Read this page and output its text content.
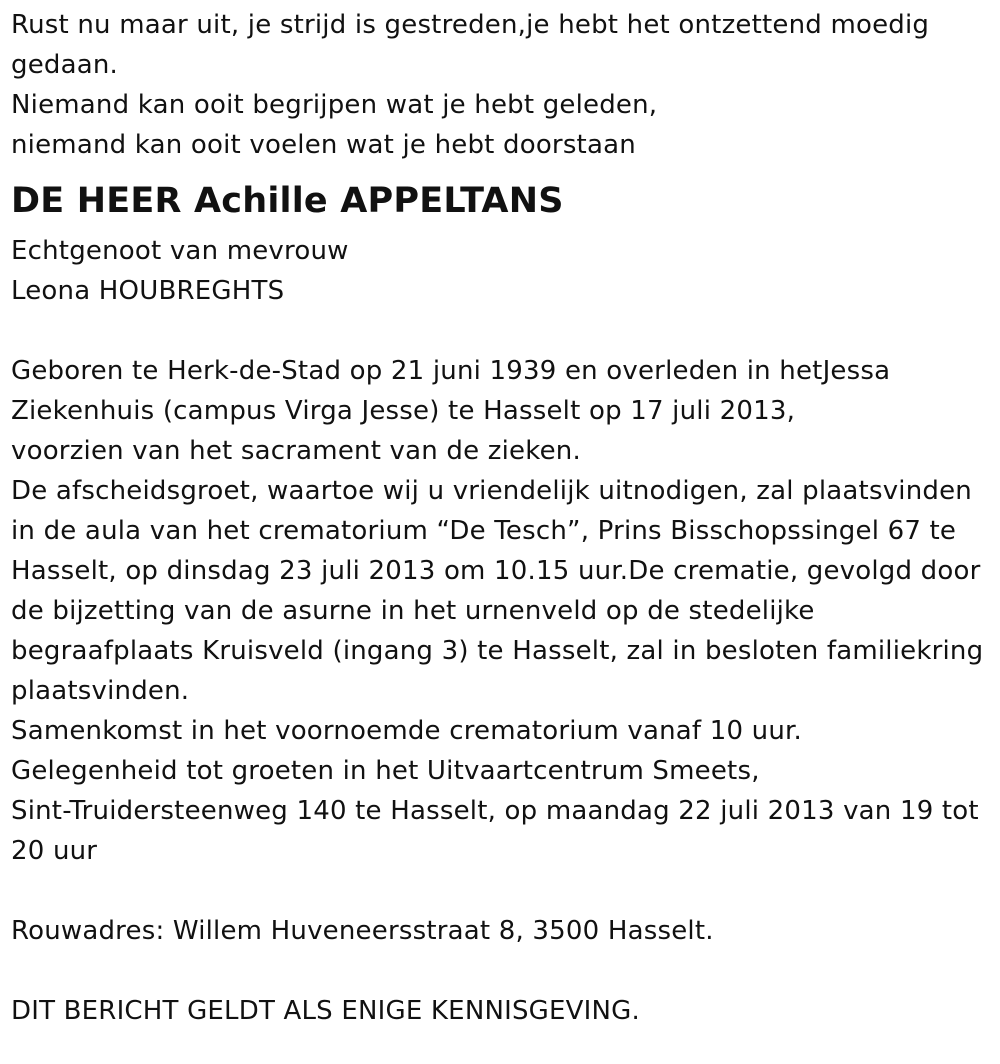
Rust nu maar uit, je strijd is gestreden,je hebt het ontzettend moedig
gedaan.
Niemand kan ooit begrijpen wat je hebt geleden,
niemand kan ooit voelen wat je hebt doorstaan
DE HEER Achille APPELTANS
Echtgenoot van mevrouw
Leona HOUBREGHTS
Geboren te Herk-de-Stad op 21 juni 1939 en overleden in hetJessa
Ziekenhuis (campus Virga Jesse) te Hasselt op 17 juli 2013,
voorzien van het sacrament van de zieken.
De afscheidsgroet, waartoe wij u vriendelijk uitnodigen, zal plaatsvinden
in de aula van het crematorium “De Tesch”, Prins Bisschopssingel 67 te
Hasselt, op dinsdag 23 juli 2013 om 10.15 uur.De crematie, gevolgd door
de bijzetting van de asurne in het urnenveld op de stedelijke
begraafplaats Kruisveld (ingang 3) te Hasselt, zal in besloten familiekring
plaatsvinden.
Samenkomst in het voornoemde crematorium vanaf 10 uur.
Gelegenheid tot groeten in het Uitvaartcentrum Smeets,
Sint-Truidersteenweg 140 te Hasselt, op maandag 22 juli 2013 van 19 tot
20 uur
Rouwadres: Willem Huveneersstraat 8, 3500 Hasselt.
DIT BERICHT GELDT ALS ENIGE KENNISGEVING.
